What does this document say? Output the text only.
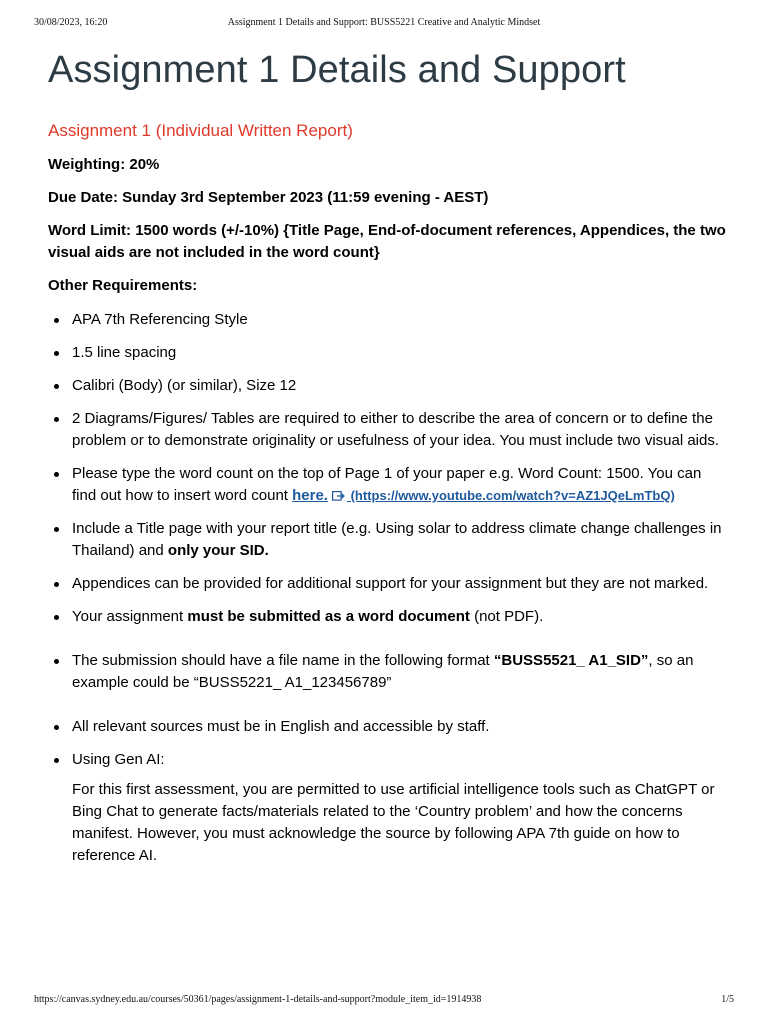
30/08/2023, 16:20	Assignment 1 Details and Support: BUSS5221 Creative and Analytic Mindset
Assignment 1 Details and Support
Assignment 1 (Individual Written Report)

Weighting: 20%

Due Date: Sunday 3rd September 2023 (11:59 evening - AEST)

Word Limit: 1500 words (+/-10%) {Title Page, End-of-document references, Appendices, the two visual aids are not included in the word count}

Other Requirements:

APA 7th Referencing Style
1.5 line spacing
Calibri (Body) (or similar), Size 12
2 Diagrams/Figures/ Tables are required to either to describe the area of concern or to define the problem or to demonstrate originality or usefulness of your idea. You must include two visual aids.
Please type the word count on the top of Page 1 of your paper e.g. Word Count: 1500. You can find out how to insert word count here. (https://www.youtube.com/watch?v=AZ1JQeLmTbQ)
Include a Title page with your report title (e.g. Using solar to address climate change challenges in Thailand) and only your SID.
Appendices can be provided for additional support for your assignment but they are not marked.
Your assignment must be submitted as a word document (not PDF).
The submission should have a file name in the following format “BUSS5521_ A1_SID”, so an example could be “BUSS5221_ A1_123456789”
All relevant sources must be in English and accessible by staff.
Using Gen AI:

For this first assessment, you are permitted to use artificial intelligence tools such as ChatGPT or Bing Chat to generate facts/materials related to the ‘Country problem’ and how the concerns manifest. However, you must acknowledge the source by following APA 7th guide on how to reference AI.

https://canvas.sydney.edu.au/courses/50361/pages/assignment-1-details-and-support?module_item_id=1914938	1/5
